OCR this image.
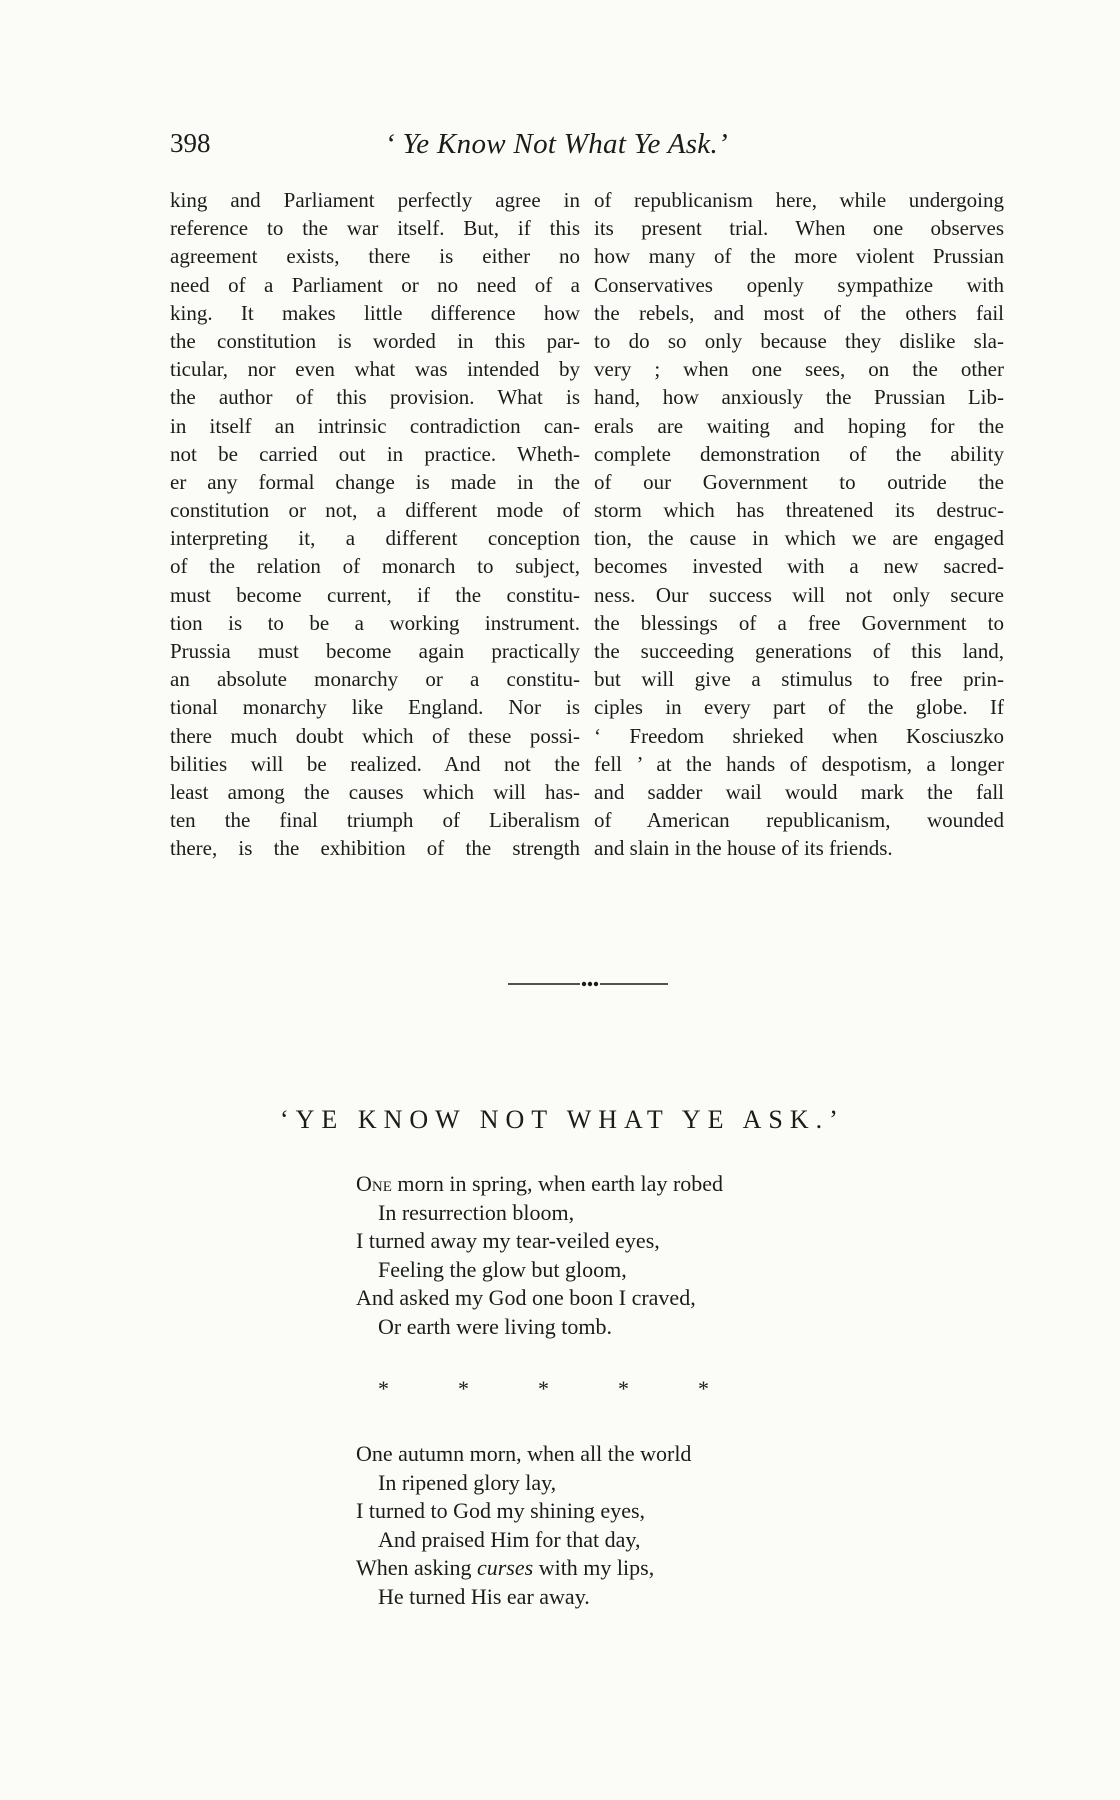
398	‘ Ye Know Not What Ye Ask.’
king and Parliament perfectly agree in
reference to the war itself. But, if this
agreement exists, there is either no
need of a Parliament or no need of a
king. It makes little difference how
the constitution is worded in this par-
ticular, nor even what was intended by
the author of this provision. What is
in itself an intrinsic contradiction can-
not be carried out in practice. Wheth-
er any formal change is made in the
constitution or not, a different mode of
interpreting it, a different conception
of the relation of monarch to subject,
must become current, if the constitu-
tion is to be a working instrument.
Prussia must become again practically
an absolute monarchy or a constitu-
tional monarchy like England. Nor is
there much doubt which of these possi-
bilities will be realized. And not the
least among the causes which will has-
ten the final triumph of Liberalism
there, is the exhibition of the strength
of republicanism here, while undergoing
its present trial. When one observes
how many of the more violent Prussian
Conservatives openly sympathize with
the rebels, and most of the others fail
to do so only because they dislike sla-
very ; when one sees, on the other
hand, how anxiously the Prussian Lib-
erals are waiting and hoping for the
complete demonstration of the ability
of our Government to outride the
storm which has threatened its destruc-
tion, the cause in which we are engaged
becomes invested with a new sacred-
ness. Our success will not only secure
the blessings of a free Government to
the succeeding generations of this land,
but will give a stimulus to free prin-
ciples in every part of the globe. If
‘ Freedom shrieked when Kosciuszko
fell ’ at the hands of despotism, a longer
and sadder wail would mark the fall
of American republicanism, wounded
and slain in the house of its friends.
‘YE KNOW NOT WHAT YE ASK.’
One morn in spring, when earth lay robed
In resurrection bloom,
I turned away my tear-veiled eyes,
Feeling the glow but gloom,
And asked my God one boon I craved,
Or earth were living tomb.
*	*	*	*	*
One autumn morn, when all the world
In ripened glory lay,
I turned to God my shining eyes,
And praised Him for that day,
When asking curses with my lips,
He turned His ear away.
